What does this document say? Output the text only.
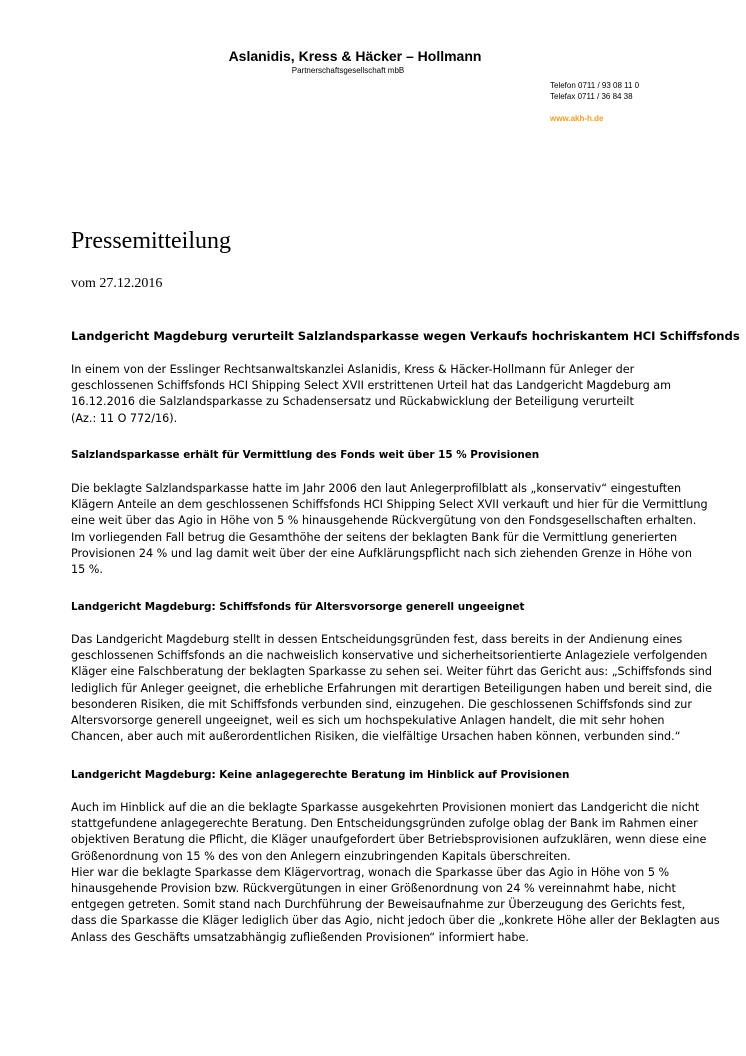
Aslanidis, Kress & Häcker – Hollmann
Partnerschaftsgesellschaft mbB
Telefon 0711 / 93 08 11 0
Telefax 0711 / 36 84 38
www.akh-h.de
Pressemitteilung
vom 27.12.2016
Landgericht Magdeburg verurteilt Salzlandsparkasse wegen Verkaufs hochriskantem HCI Schiffsfonds
In einem von der Esslinger Rechtsanwaltskanzlei Aslanidis, Kress & Häcker-Hollmann für Anleger der
geschlossenen Schiffsfonds HCI Shipping Select XVII erstrittenen Urteil hat das Landgericht Magdeburg am
16.12.2016 die Salzlandsparkasse zu Schadensersatz und Rückabwicklung der Beteiligung verurteilt
(Az.: 11 O 772/16).
Salzlandsparkasse erhält für Vermittlung des Fonds weit über 15 % Provisionen
Die beklagte Salzlandsparkasse hatte im Jahr 2006 den laut Anlegerprofilblatt als „konservativ“ eingestuften
Klägern Anteile an dem geschlossenen Schiffsfonds HCI Shipping Select XVII verkauft und hier für die Vermittlung
eine weit über das Agio in Höhe von 5 % hinausgehende Rückvergütung von den Fondsgesellschaften erhalten.
Im vorliegenden Fall betrug die Gesamthöhe der seitens der beklagten Bank für die Vermittlung generierten
Provisionen 24 % und lag damit weit über der eine Aufklärungspflicht nach sich ziehenden Grenze in Höhe von
15 %.
Landgericht Magdeburg: Schiffsfonds für Altersvorsorge generell ungeeignet
Das Landgericht Magdeburg stellt in dessen Entscheidungsgründen fest, dass bereits in der Andienung eines
geschlossenen Schiffsfonds an die nachweislich konservative und sicherheitsorientierte Anlageziele verfolgenden
Kläger eine Falschberatung der beklagten Sparkasse zu sehen sei. Weiter führt das Gericht aus: „Schiffsfonds sind
lediglich für Anleger geeignet, die erhebliche Erfahrungen mit derartigen Beteiligungen haben und bereit sind, die
besonderen Risiken, die mit Schiffsfonds verbunden sind, einzugehen. Die geschlossenen Schiffsfonds sind zur
Altersvorsorge generell ungeeignet, weil es sich um hochspekulative Anlagen handelt, die mit sehr hohen
Chancen, aber auch mit außerordentlichen Risiken, die vielfältige Ursachen haben können, verbunden sind.“
Landgericht Magdeburg: Keine anlagegerechte Beratung im Hinblick auf Provisionen
Auch im Hinblick auf die an die beklagte Sparkasse ausgekehrten Provisionen moniert das Landgericht die nicht
stattgefundene anlagegerechte Beratung. Den Entscheidungsgründen zufolge oblag der Bank im Rahmen einer
objektiven Beratung die Pflicht, die Kläger unaufgefordert über Betriebsprovisionen aufzuklären, wenn diese eine
Größenordnung von 15 % des von den Anlegern einzubringenden Kapitals überschreiten.
Hier war die beklagte Sparkasse dem Klägervortrag, wonach die Sparkasse über das Agio in Höhe von 5 %
hinausgehende Provision bzw. Rückvergütungen in einer Größenordnung von 24 % vereinnahmt habe, nicht
entgegen getreten. Somit stand nach Durchführung der Beweisaufnahme zur Überzeugung des Gerichts fest,
dass die Sparkasse die Kläger lediglich über das Agio, nicht jedoch über die „konkrete Höhe aller der Beklagten aus
Anlass des Geschäfts umsatzabhängig zufließenden Provisionen“ informiert habe.
